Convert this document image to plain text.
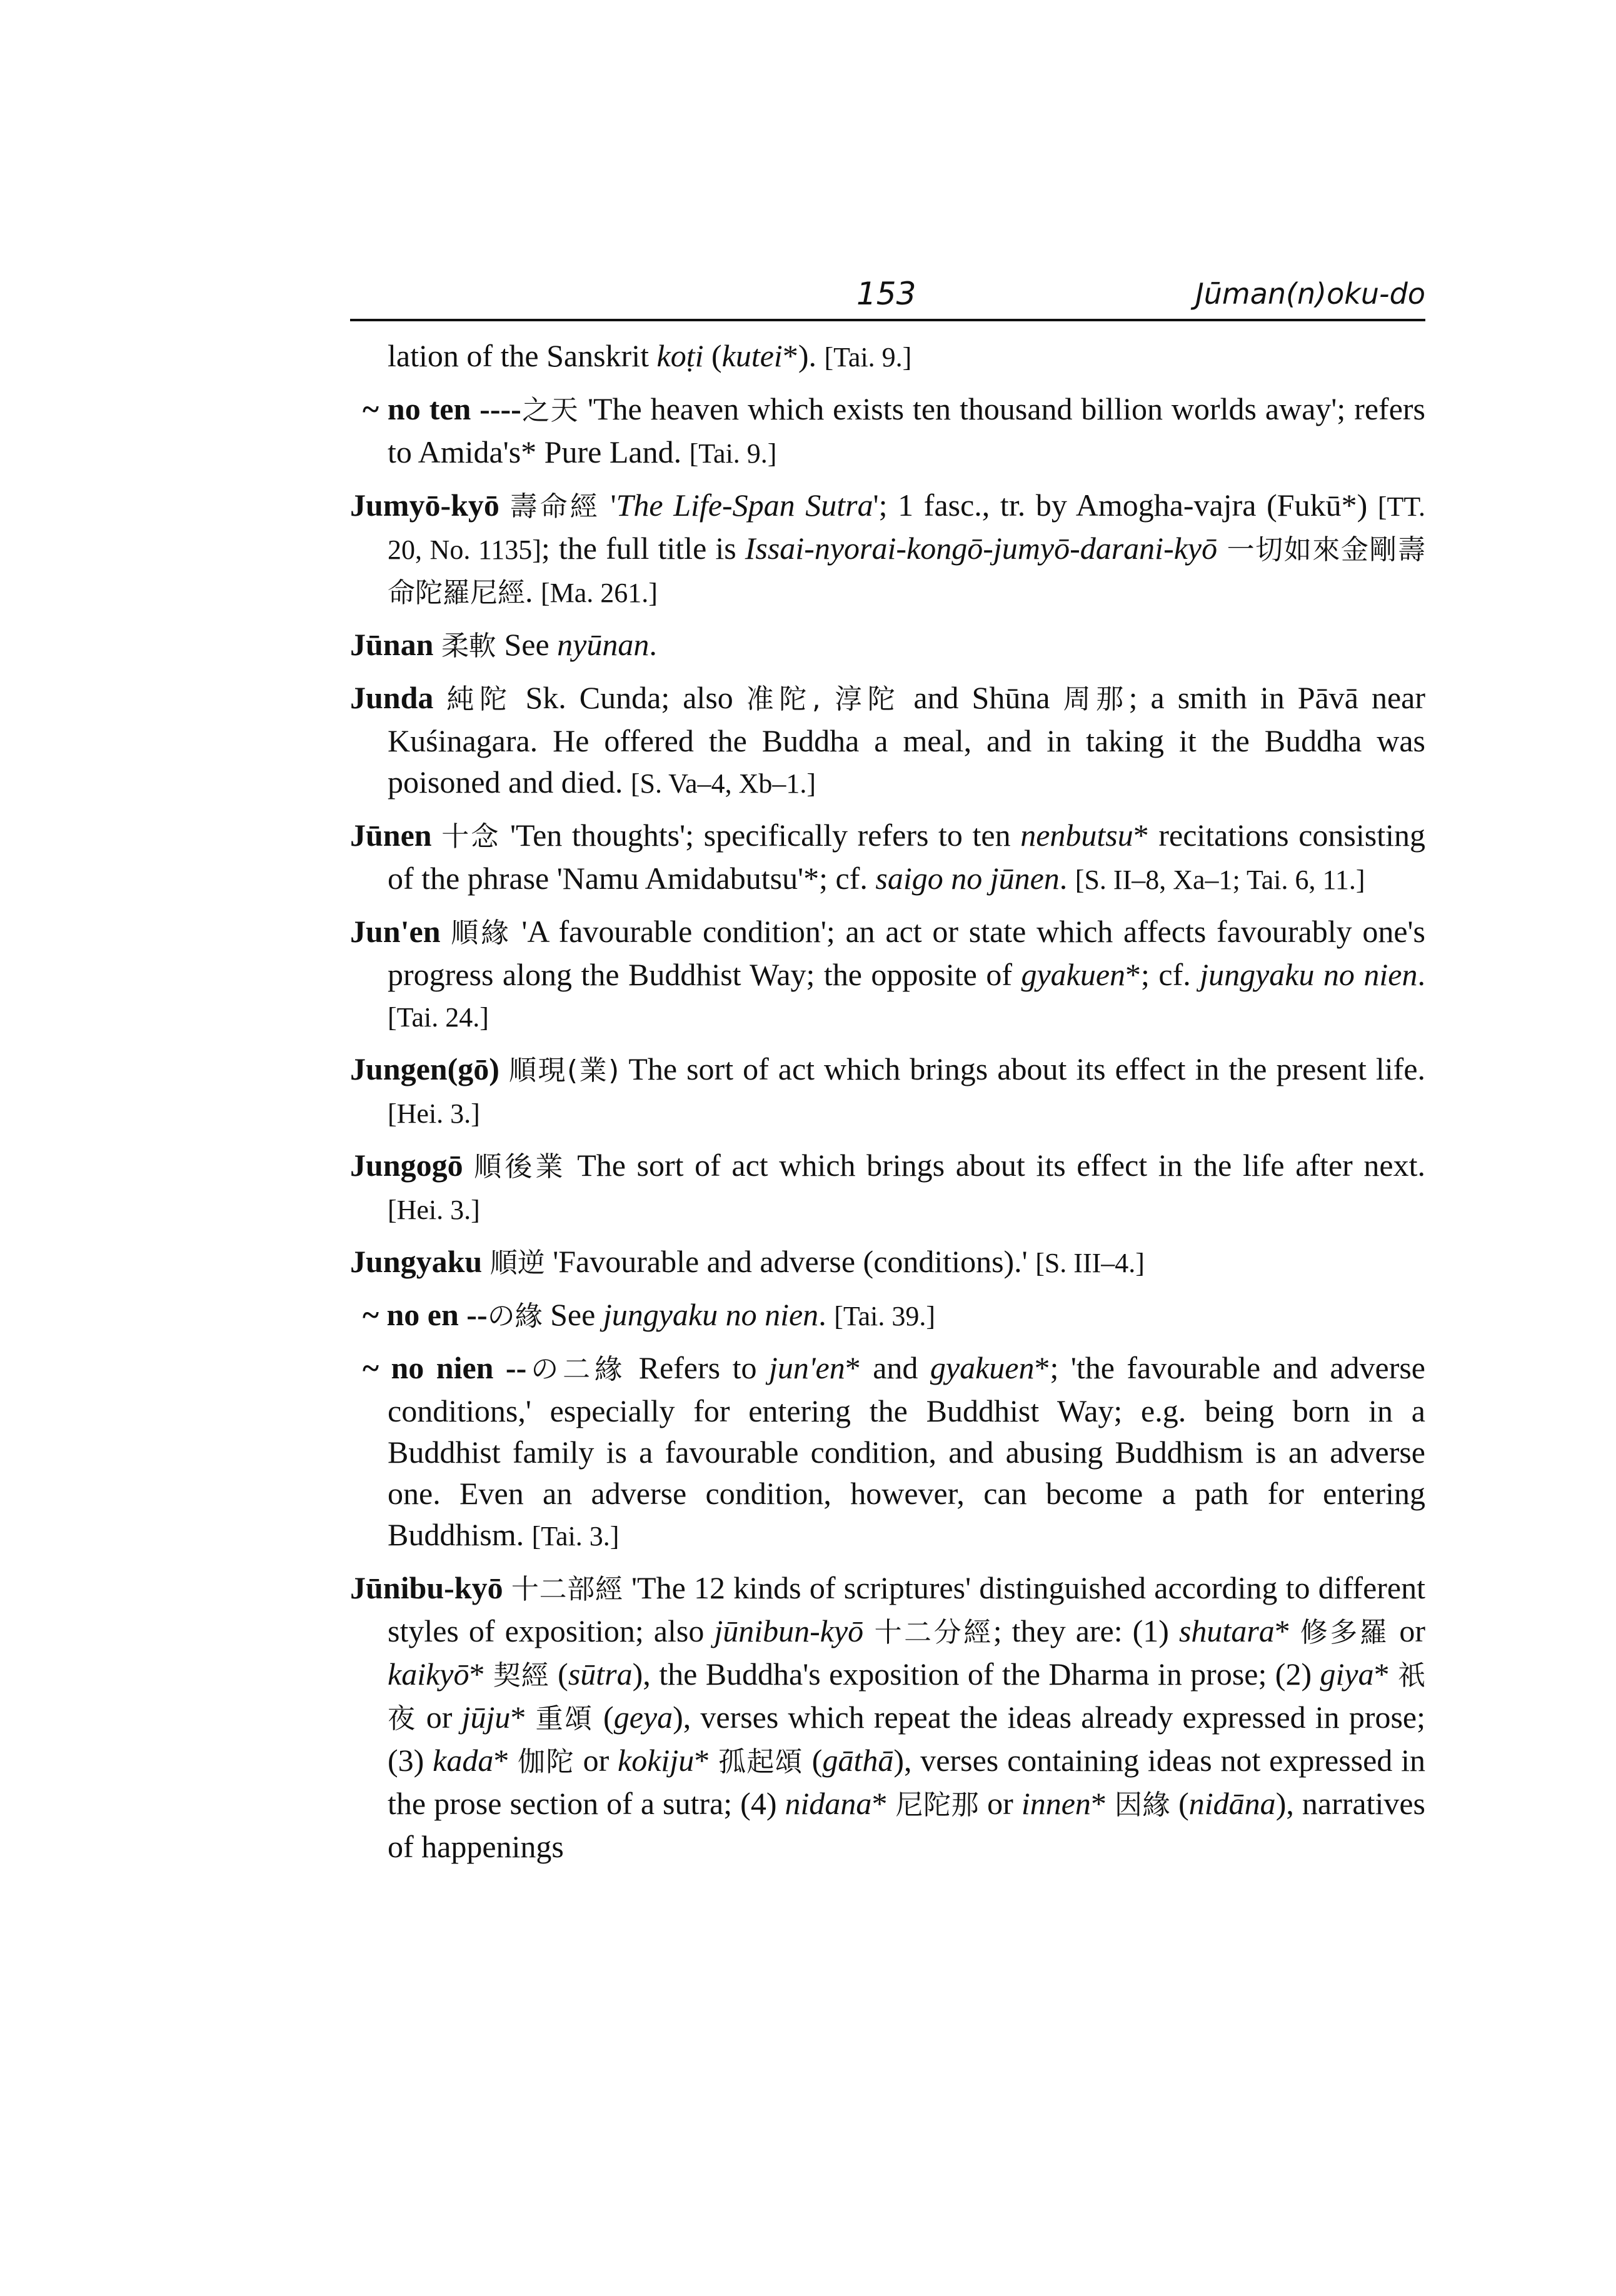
153	Jūman(n)oku-do

lation of the Sanskrit koṭi (kutei*). [Tai. 9.]

~ no ten ----之天 'The heaven which exists ten thousand billion worlds away'; refers to Amida's* Pure Land. [Tai. 9.]

Jumyō-kyō 壽命經 'The Life-Span Sutra'; 1 fasc., tr. by Amogha-vajra (Fukū*) [TT. 20, No. 1135]; the full title is Issai-nyorai-kongō-jumyō-darani-kyō 一切如來金剛壽命陀羅尼經. [Ma. 261.]

Jūnan 柔軟 See nyūnan.

Junda 純陀 Sk. Cunda; also 准陀, 淳陀 and Shūna 周那; a smith in Pāvā near Kuśinagara. He offered the Buddha a meal, and in taking it the Buddha was poisoned and died. [S. Va–4, Xb–1.]

Jūnen 十念 'Ten thoughts'; specifically refers to ten nenbutsu* recitations consisting of the phrase 'Namu Amidabutsu'*; cf. saigo no jūnen. [S. II–8, Xa–1; Tai. 6, 11.]

Jun'en 順緣 'A favourable condition'; an act or state which affects favourably one's progress along the Buddhist Way; the opposite of gyakuen*; cf. jungyaku no nien. [Tai. 24.]

Jungen(gō) 順現(業) The sort of act which brings about its effect in the present life. [Hei. 3.]

Jungogō 順後業 The sort of act which brings about its effect in the life after next. [Hei. 3.]

Jungyaku 順逆 'Favourable and adverse (conditions).' [S. III–4.]

~ no en --の緣 See jungyaku no nien. [Tai. 39.]

~ no nien --の二緣 Refers to jun'en* and gyakuen*; 'the favourable and adverse conditions,' especially for entering the Buddhist Way; e.g. being born in a Buddhist family is a favourable condition, and abusing Buddhism is an adverse one. Even an adverse condition, however, can become a path for entering Buddhism. [Tai. 3.]

Jūnibu-kyō 十二部經 'The 12 kinds of scriptures' distinguished according to different styles of exposition; also jūnibun-kyō 十二分經; they are: (1) shutara* 修多羅 or kaikyō* 契經 (sūtra), the Buddha's exposition of the Dharma in prose; (2) giya* 祇夜 or jūju* 重頌 (geya), verses which repeat the ideas already expressed in prose; (3) kada* 伽陀 or kokiju* 孤起頌 (gāthā), verses containing ideas not expressed in the prose section of a sutra; (4) nidana* 尼陀那 or innen* 因緣 (nidāna), narratives of happenings
